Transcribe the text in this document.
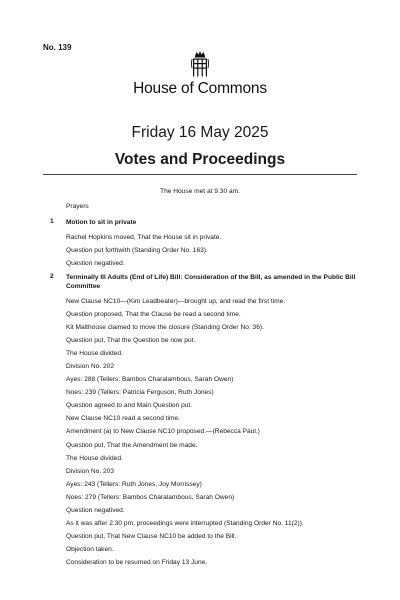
No. 139
House of Commons
Friday 16 May 2025
Votes and Proceedings
The House met at 9.30 am.
Prayers
1 Motion to sit in private
Rachel Hopkins moved, That the House sit in private.
Question put forthwith (Standing Order No. 163).
Question negatived.
2 Terminally Ill Adults (End of Life) Bill: Consideration of the Bill, as amended in the Public Bill Committee
New Clause NC10—(Kim Leadbeater)—brought up, and read the first time.
Question proposed, That the Clause be read a second time.
Kit Malthouse claimed to move the closure (Standing Order No. 36).
Question put, That the Question be now put.
The House divided.
Division No. 202
Ayes: 288 (Tellers: Bambos Charalambous, Sarah Owen)
Noes: 239 (Tellers: Patricia Ferguson, Ruth Jones)
Question agreed to and Main Question put.
New Clause NC10 read a second time.
Amendment (a) to New Clause NC10 proposed.—(Rebecca Paul.)
Question put, That the Amendment be made.
The House divided.
Division No. 203
Ayes: 243 (Tellers: Ruth Jones, Joy Morrissey)
Noes: 279 (Tellers: Bambos Charalambous, Sarah Owen)
Question negatived.
As it was after 2.30 pm, proceedings were interrupted (Standing Order No. 11(2)).
Question put, That New Clause NC10 be added to the Bill.
Objection taken.
Consideration to be resumed on Friday 13 June.
